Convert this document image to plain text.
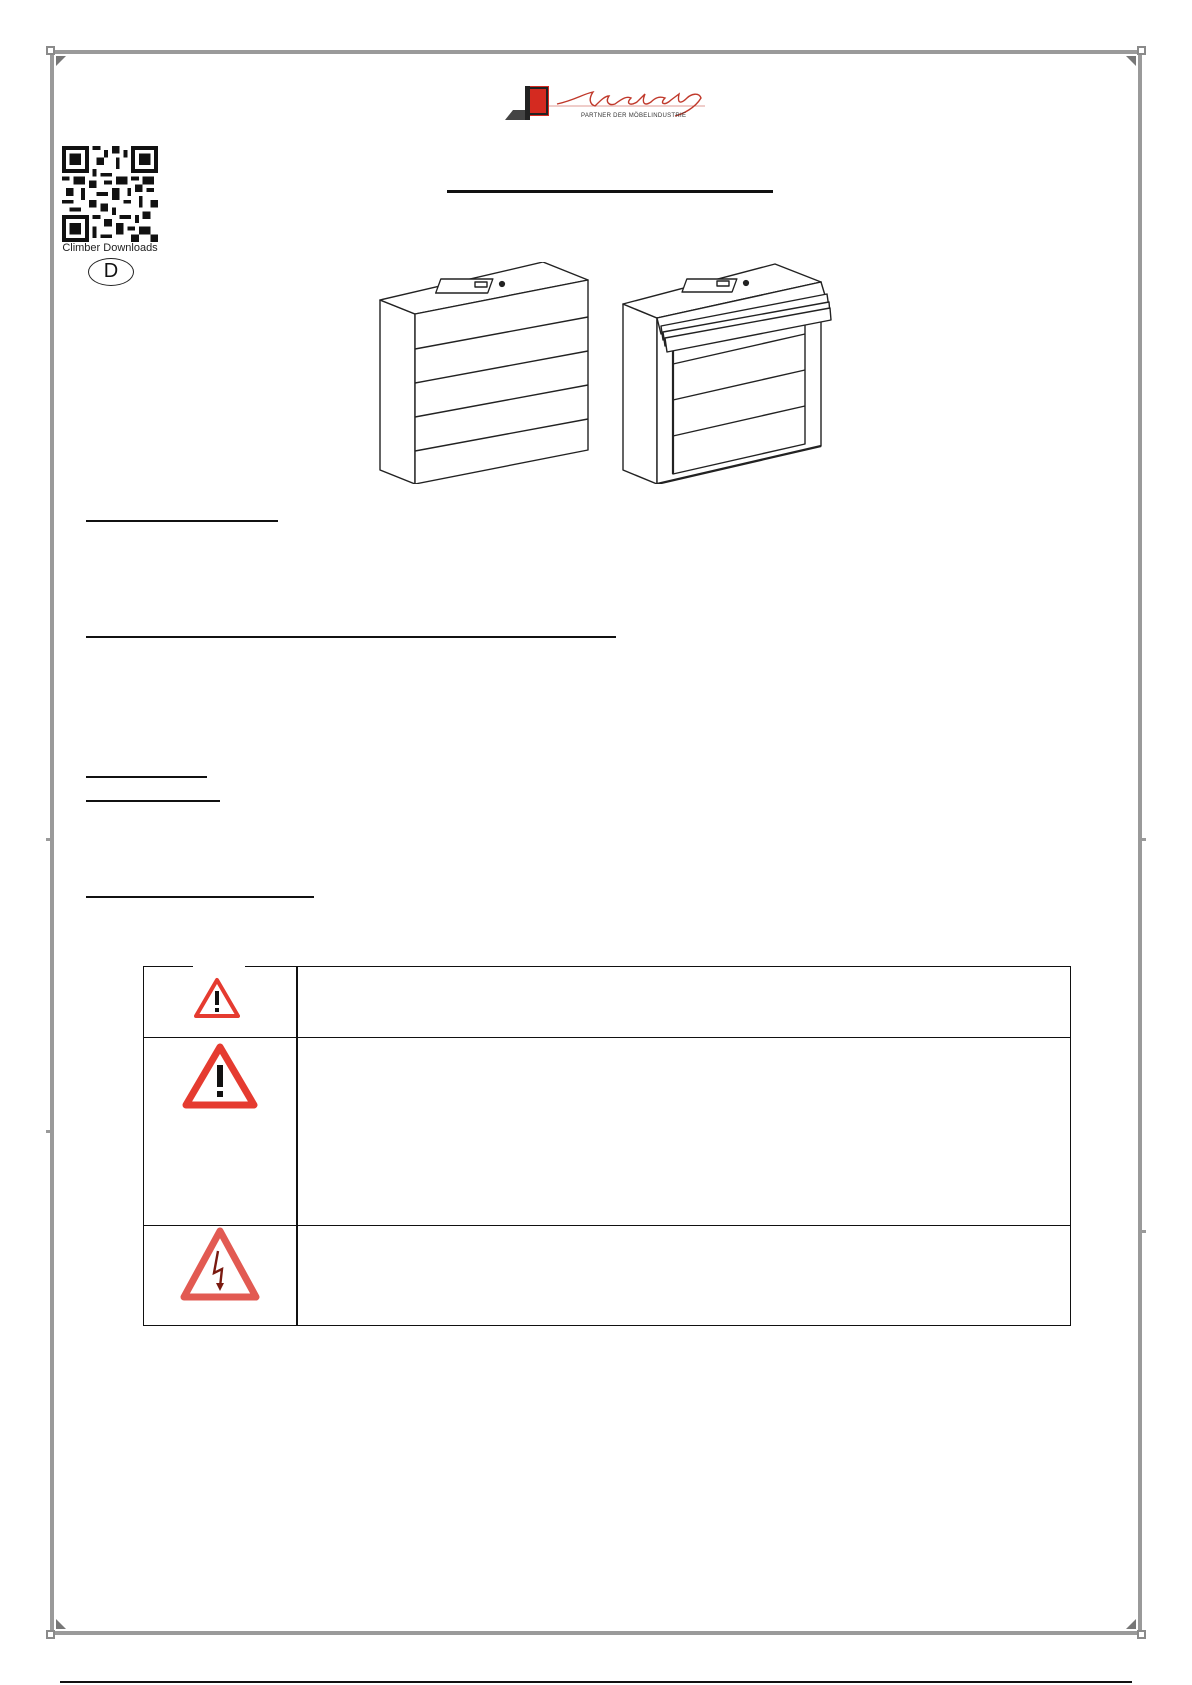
PARTNER DER MÖBELINDUSTRIE
Climber Downloads
D
